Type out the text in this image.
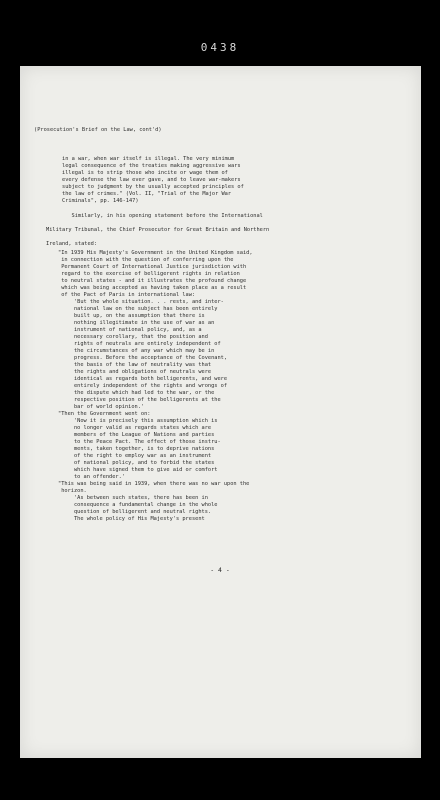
0438
(Prosecution's Brief on the Law, cont'd)
in a war, when war itself is illegal. The very minimum
legal consequence of the treaties making aggressive wars
illegal is to strip those who incite or wage them of
every defense the law ever gave, and to leave war-makers
subject to judgment by the usually accepted principles of
the law of crimes." (Vol. II, "Trial of the Major War
Criminals", pp. 146-147)

Similarly, in his opening statement before the International

Military Tribunal, the Chief Prosecutor for Great Britain and Northern

Ireland, stated:

"In 1939 His Majesty's Government in the United Kingdom said,
in connection with the question of conferring upon the
Permanent Court of International Justice jurisdiction with
regard to the exercise of belligerent rights in relation
to neutral states - and it illustrates the profound change
which was being accepted as having taken place as a result
of the Pact of Paris in international law:
'But the whole situation. . . rests, and inter-
national law on the subject has been entirely
built up, on the assumption that there is
nothing illegitimate in the use of war as an
instrument of national policy, and, as a
necessary corollary, that the position and
rights of neutrals are entirely independent of
the circumstances of any war which may be in
progress. Before the acceptance of the Covenant,
the basis of the law of neutrality was that
the rights and obligations of neutrals were
identical as regards both belligerents, and were
entirely independent of the rights and wrongs of
the dispute which had led to the war, or the
respective position of the belligerents at the
bar of world opinion.'
"Then the Government went on:
'Now it is precisely this assumption which is
no longer valid as regards states which are
members of the League of Nations and parties
to the Peace Pact. The effect of those instru-
ments, taken together, is to deprive nations
of the right to employ war as an instrument
of national policy, and to forbid the states
which have signed them to give aid or comfort
to an offender.'
"This was being said in 1939, when there was no war upon the
horizon.
'As between such states, there has been in
consequence a fundamental change in the whole
question of belligerent and neutral rights.
The whole policy of His Majesty's present

- 4 -
